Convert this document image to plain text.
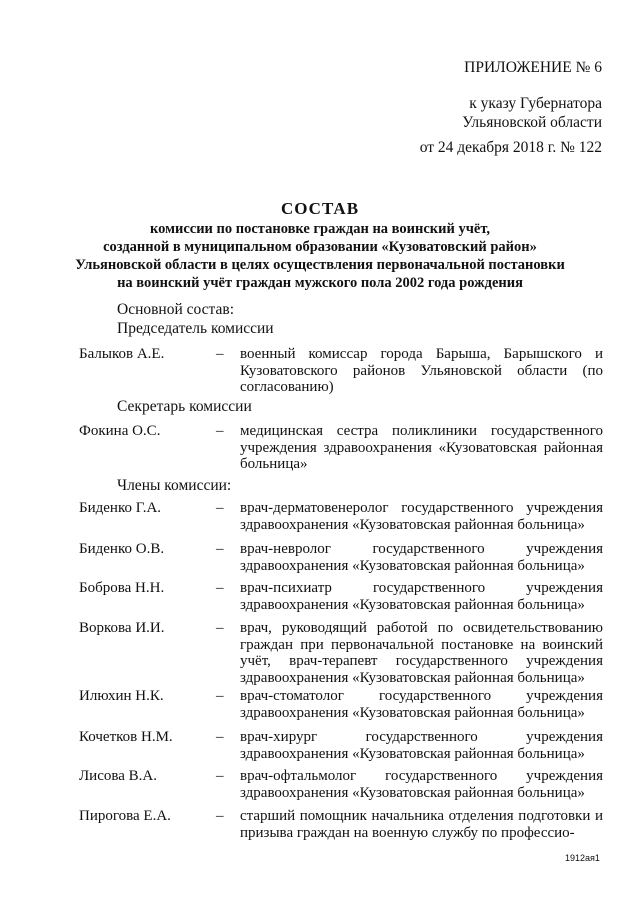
ПРИЛОЖЕНИЕ № 6
к указу Губернатора
Ульяновской области
от 24 декабря 2018 г. № 122
СОСТАВ
комиссии по постановке граждан на воинский учёт,
созданной в муниципальном образовании «Кузоватовский район»
Ульяновской области в целях осуществления первоначальной постановки
на воинский учёт граждан мужского пола 2002 года рождения
Основной состав:
Председатель комиссии
Балыков А.Е.	– военный комиссар города Барыша, Барышского и Кузоватовского районов Ульяновской области (по согласованию)
Секретарь комиссии
Фокина О.С.	– медицинская сестра поликлиники государственного учреждения здравоохранения «Кузоватовская районная больница»
Члены комиссии:
Биденко Г.А.	– врач-дерматовенеролог государственного учреждения здравоохранения «Кузоватовская районная больница»
Биденко О.В.	– врач-невролог государственного учреждения здравоохранения «Кузоватовская районная больница»
Боброва Н.Н.	– врач-психиатр государственного учреждения здравоохранения «Кузоватовская районная больница»
Воркова И.И.	– врач, руководящий работой по освидетельствованию граждан при первоначальной постановке на воинский учёт, врач-терапевт государственного учреждения здравоохранения «Кузоватовская районная больница»
Илюхин Н.К.	– врач-стоматолог государственного учреждения здравоохранения «Кузоватовская районная больница»
Кочетков Н.М.	– врач-хирург государственного учреждения здравоохранения «Кузоватовская районная больница»
Лисова В.А.	– врач-офтальмолог государственного учреждения здравоохранения «Кузоватовская районная больница»
Пирогова Е.А.	– старший помощник начальника отделения подготовки и призыва граждан на военную службу по профессио-
1912ая1
